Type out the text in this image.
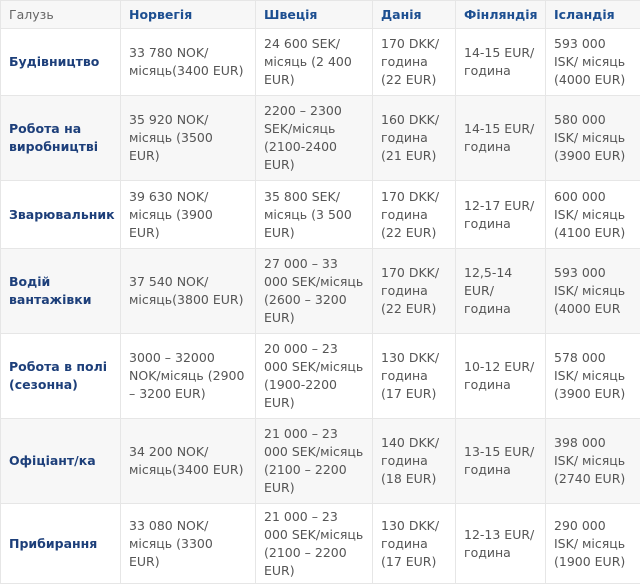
Галузь	Норвегія	Швеція	Данія	Фінляндія	Ісландія
Будівництво	33 780 NOK/ місяць(3400 EUR)	24 600 SEK/ місяць (2 400 EUR)	170 DKK/ година (22 EUR)	14-15 EUR/ година	593 000 ISK/ місяць (4000 EUR)
Робота на виробництві	35 920 NOK/місяць (3500 EUR)	2200 – 2300 SEK/місяць (2100-2400 EUR)	160 DKK/ година (21 EUR)	14-15 EUR/ година	580 000 ISK/ місяць (3900 EUR)
Зварювальник	39 630 NOK/місяць (3900 EUR)	35 800 SEK/ місяць (3 500 EUR)	170 DKK/ година (22 EUR)	12-17 EUR/ година	600 000 ISK/ місяць (4100 EUR)
Водій вантажівки	37 540 NOK/ місяць(3800 EUR)	27 000 – 33 000 SEK/місяць (2600 – 3200 EUR)	170 DKK/ година (22 EUR)	12,5-14 EUR/година	593 000 ISK/ місяць (4000 EUR
Робота в полі (сезонна)	3000 – 32000 NOK/місяць (2900 – 3200 EUR)	20 000 – 23 000 SEK/місяць (1900-2200 EUR)	130 DKK/ година (17 EUR)	10-12 EUR/ година	578 000 ISK/ місяць (3900 EUR)
Офіціант/ка	34 200 NOK/ місяць(3400 EUR)	21 000 – 23 000 SEK/місяць (2100 – 2200 EUR)	140 DKK/ година (18 EUR)	13-15 EUR/ година	398 000 ISK/ місяць (2740 EUR)
Прибирання	33 080 NOK/місяць (3300 EUR)	21 000 – 23 000 SEK/місяць (2100 – 2200 EUR)	130 DKK/ година (17 EUR)	12-13 EUR/ година	290 000 ISK/ місяць (1900 EUR)
